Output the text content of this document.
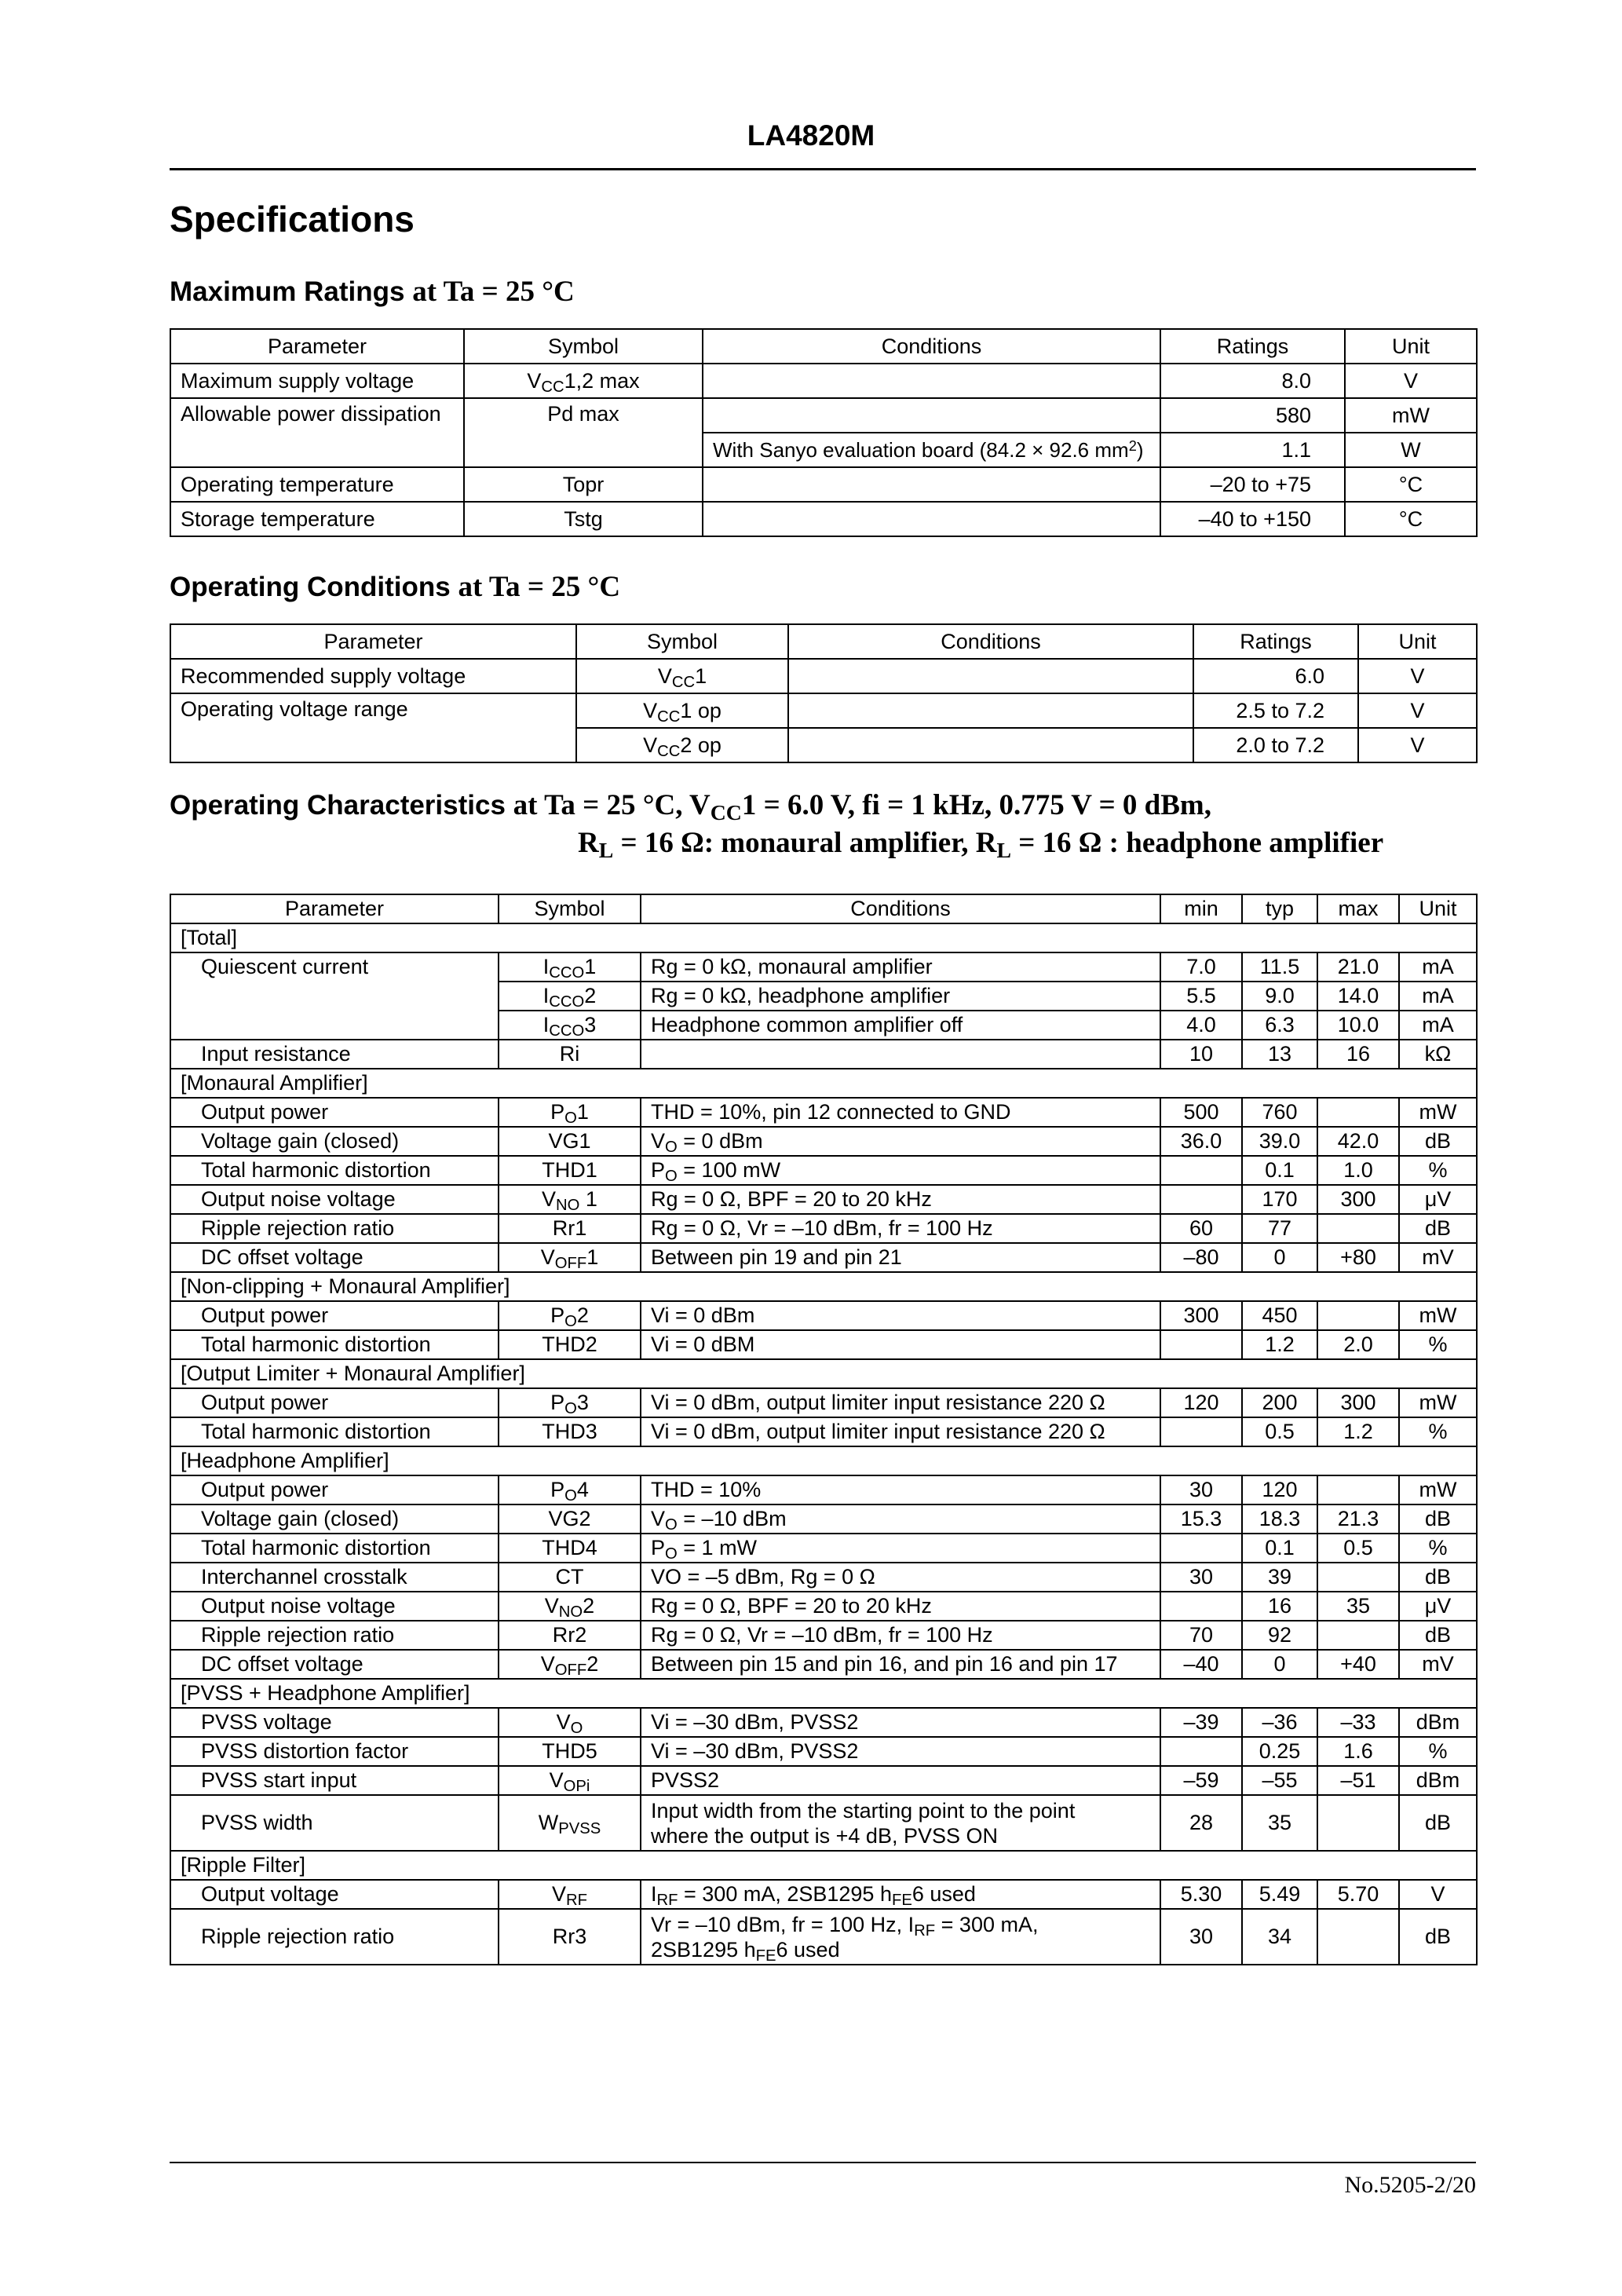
LA4820M
Specifications
Maximum Ratings at Ta = 25 °C
Parameter	Symbol	Conditions	Ratings	Unit
Maximum supply voltage	$V_{CC}1,2$ max		8.0	V
Allowable power dissipation	Pd max		580	mW
		With Sanyo evaluation board (84.2 × 92.6 $mm^2$)	1.1	W
Operating temperature	Topr		–20 to +75	°C
Storage temperature	Tstg		–40 to +150	°C
Operating Conditions at Ta = 25 °C
Parameter	Symbol	Conditions	Ratings	Unit
Recommended supply voltage	$V_{CC}1$		6.0	V
Operating voltage range	$V_{CC}1$ op		2.5 to 7.2	V
	$V_{CC}2$ op		2.0 to 7.2	V
Operating Characteristics at Ta = 25 °C, $V_{CC}1 = 6.0$ V, fi = 1 kHz, 0.775 V = 0 dBm,
$R_L = 16$ Ω: monaural amplifier, $R_L = 16$ Ω : headphone amplifier
Parameter	Symbol	Conditions	min	typ	max	Unit
[Total]						
Quiescent current	$I_{CCO}1$	Rg = 0 kΩ, monaural amplifier	7.0	11.5	21.0	mA
	$I_{CCO}2$	Rg = 0 kΩ, headphone amplifier	5.5	9.0	14.0	mA
	$I_{CCO}3$	Headphone common amplifier off	4.0	6.3	10.0	mA
Input resistance	Ri		10	13	16	kΩ
[Monaural Amplifier]						
Output power	$P_O1$	THD = 10%, pin 12 connected to GND	500	760		mW
Voltage gain (closed)	VG1	$V_O = 0$ dBm	36.0	39.0	42.0	dB
Total harmonic distortion	THD1	$P_O = 100$ mW		0.1	1.0	%
Output noise voltage	$V_{NO}$ 1	Rg = 0 Ω, BPF = 20 to 20 kHz		170	300	μV
Ripple rejection ratio	Rr1	Rg = 0 Ω, Vr = –10 dBm, fr = 100 Hz	60	77		dB
DC offset voltage	$V_{OFF}1$	Between pin 19 and pin 21	–80	0	+80	mV
[Non-clipping + Monaural Amplifier]						
Output power	$P_O2$	Vi = 0 dBm	300	450		mW
Total harmonic distortion	THD2	Vi = 0 dBM		1.2	2.0	%
[Output Limiter + Monaural Amplifier]						
Output power	$P_O3$	Vi = 0 dBm, output limiter input resistance 220 Ω	120	200	300	mW
Total harmonic distortion	THD3	Vi = 0 dBm, output limiter input resistance 220 Ω		0.5	1.2	%
[Headphone Amplifier]						
Output power	$P_O4$	THD = 10%	30	120		mW
Voltage gain (closed)	VG2	$V_O = -10$ dBm	15.3	18.3	21.3	dB
Total harmonic distortion	THD4	$P_O = 1$ mW		0.1	0.5	%
Interchannel crosstalk	CT	VO = –5 dBm, Rg = 0 Ω	30	39		dB
Output noise voltage	$V_{NO}2$	Rg = 0 Ω, BPF = 20 to 20 kHz		16	35	μV
Ripple rejection ratio	Rr2	Rg = 0 Ω, Vr = –10 dBm, fr = 100 Hz	70	92		dB
DC offset voltage	$V_{OFF}2$	Between pin 15 and pin 16, and pin 16 and pin 17	–40	0	+40	mV
[PVSS + Headphone Amplifier]						
PVSS voltage	$V_O$	Vi = –30 dBm, PVSS2	–39	–36	–33	dBm
PVSS distortion factor	THD5	Vi = –30 dBm, PVSS2		0.25	1.6	%
PVSS start input	$V_{OPi}$	PVSS2	–59	–55	–51	dBm
PVSS width	$W_{PVSS}$	Input width from the starting point to the point
where the output is +4 dB, PVSS ON	28	35		dB
[Ripple Filter]						
Output voltage	$V_{RF}$	$I_{RF} = 300$ mA, 2SB1295 $h_{FE}6$ used	5.30	5.49	5.70	V
Ripple rejection ratio	Rr3	Vr = –10 dBm, fr = 100 Hz, $I_{RF} = 300$ mA,
2SB1295 $h_{FE}6$ used	30	34		dB
No.5205-2/20
